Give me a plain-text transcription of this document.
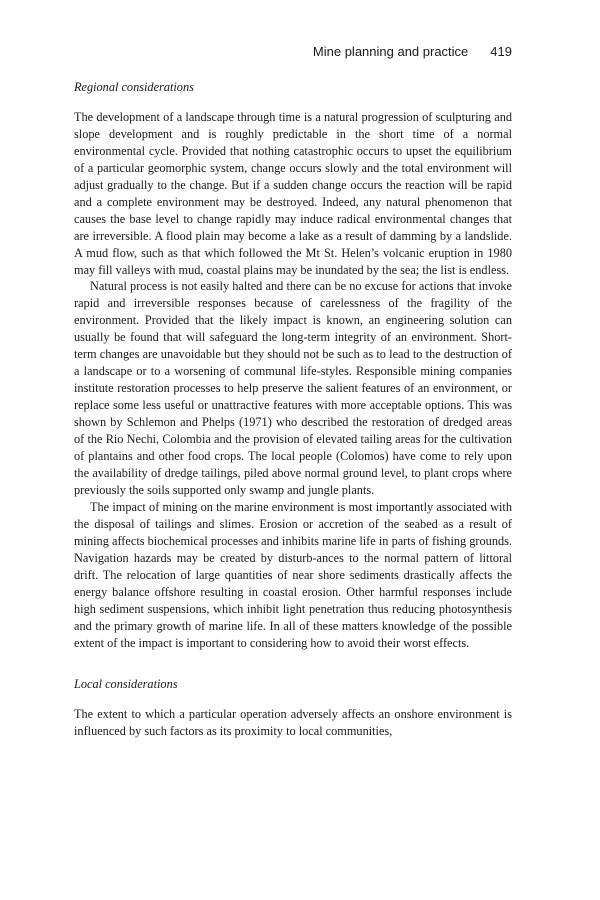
Mine planning and practice 419
Regional considerations

The development of a landscape through time is a natural progression of sculpturing and slope development and is roughly predictable in the short time of a normal environmental cycle. Provided that nothing catastrophic occurs to upset the equilibrium of a particular geomorphic system, change occurs slowly and the total environment will adjust gradually to the change. But if a sudden change occurs the reaction will be rapid and a complete environment may be destroyed. Indeed, any natural phenomenon that causes the base level to change rapidly may induce radical environmental changes that are irreversible. A flood plain may become a lake as a result of damming by a landslide. A mud flow, such as that which followed the Mt St. Helen’s volcanic eruption in 1980 may fill valleys with mud, coastal plains may be inundated by the sea; the list is endless.

Natural process is not easily halted and there can be no excuse for actions that invoke rapid and irreversible responses because of carelessness of the fragility of the environment. Provided that the likely impact is known, an engineering solution can usually be found that will safeguard the long-term integrity of an environment. Short-term changes are unavoidable but they should not be such as to lead to the destruction of a landscape or to a worsening of communal life-styles. Responsible mining companies institute restoration processes to help preserve the salient features of an environment, or replace some less useful or unattractive features with more acceptable options. This was shown by Schlemon and Phelps (1971) who described the restoration of dredged areas of the Rio Nechi, Colombia and the provision of elevated tailing areas for the cultivation of plantains and other food crops. The local people (Colomos) have come to rely upon the availability of dredge tailings, piled above normal ground level, to plant crops where previously the soils supported only swamp and jungle plants.

The impact of mining on the marine environment is most importantly associated with the disposal of tailings and slimes. Erosion or accretion of the seabed as a result of mining affects biochemical processes and inhibits marine life in parts of fishing grounds. Navigation hazards may be created by disturb-ances to the normal pattern of littoral drift. The relocation of large quantities of near shore sediments drastically affects the energy balance offshore resulting in coastal erosion. Other harmful responses include high sediment suspensions, which inhibit light penetration thus reducing photosynthesis and the primary growth of marine life. In all of these matters knowledge of the possible extent of the impact is important to considering how to avoid their worst effects.

Local considerations

The extent to which a particular operation adversely affects an onshore environment is influenced by such factors as its proximity to local communities,
